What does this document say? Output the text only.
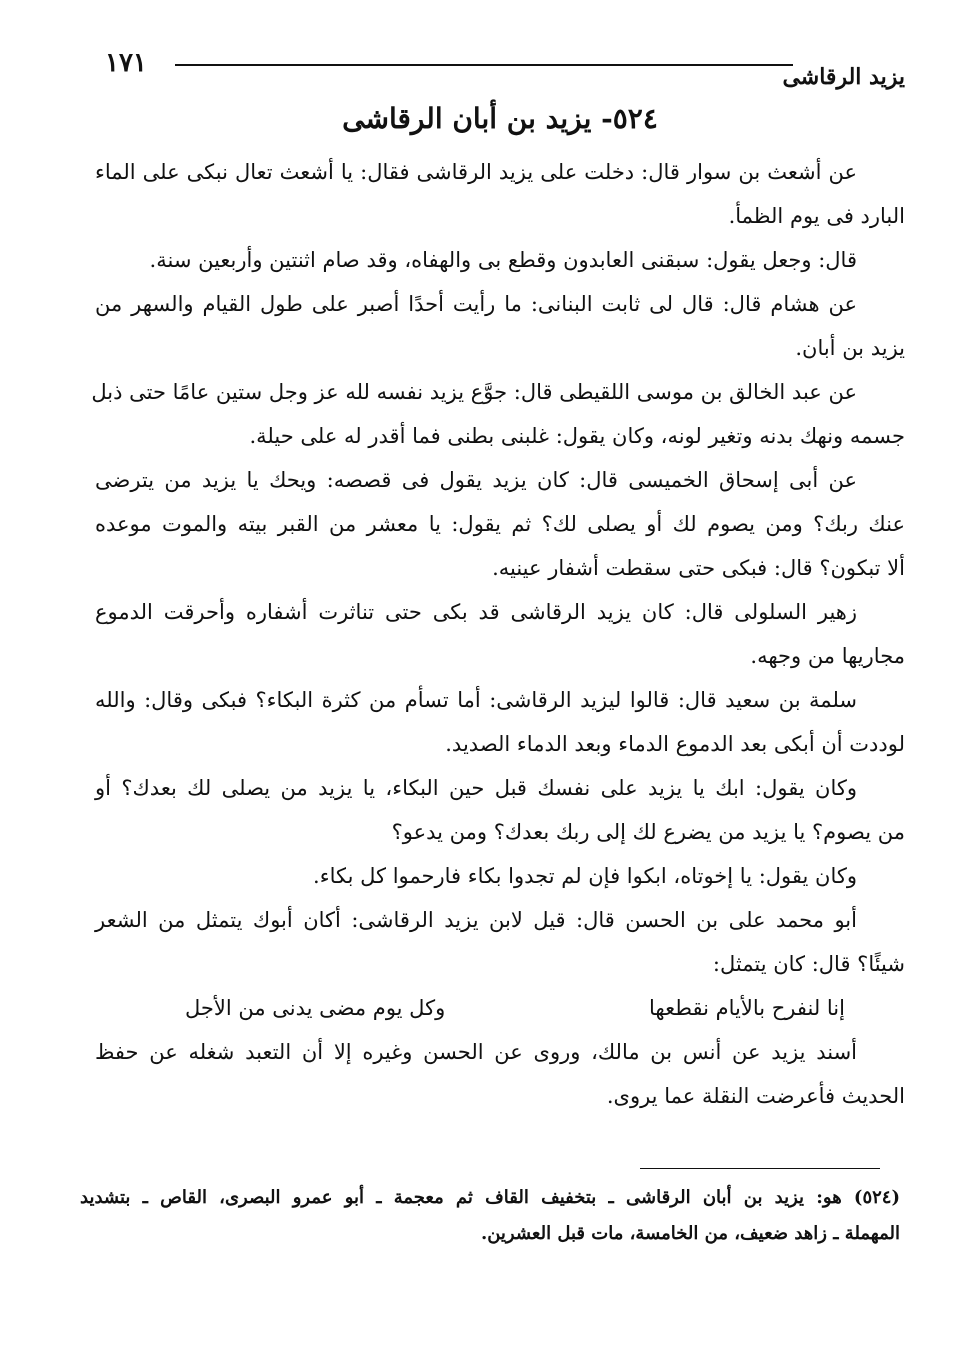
١٧١	يزيد الرقاشى
٥٢٤- يزيد بن أبان الرقاشى
عن أشعث بن سوار قال: دخلت على يزيد الرقاشى فقال: يا أشعث تعال نبكى على الماء
البارد فى يوم الظمأ.
قال: وجعل يقول: سبقنى العابدون وقطع بى والهفاه، وقد صام اثنتين وأربعين سنة.
عن هشام قال: قال لى ثابت البنانى: ما رأيت أحدًا أصبر على طول القيام والسهر من
يزيد بن أبان.
عن عبد الخالق بن موسى اللقيطى قال: جوَّع يزيد نفسه لله عز وجل ستين عامًا حتى ذبل
جسمه ونهك بدنه وتغير لونه، وكان يقول: غلبنى بطنى فما أقدر له على حيلة.
عن أبى إسحاق الخميسى قال: كان يزيد يقول فى قصصه: ويحك يا يزيد من يترضى
عنك ربك؟ ومن يصوم لك أو يصلى لك؟ ثم يقول: يا معشر من القبر بيته والموت موعده
ألا تبكون؟ قال: فبكى حتى سقطت أشفار عينيه.
زهير السلولى قال: كان يزيد الرقاشى قد بكى حتى تناثرت أشفاره وأحرقت الدموع
مجاريها من وجهه.
سلمة بن سعيد قال: قالوا ليزيد الرقاشى: أما تسأم من كثرة البكاء؟ فبكى وقال: والله
لوددت أن أبكى بعد الدموع الدماء وبعد الدماء الصديد.
وكان يقول: ابك يا يزيد على نفسك قبل حين البكاء، يا يزيد من يصلى لك بعدك؟ أو
من يصوم؟ يا يزيد من يضرع لك إلى ربك بعدك؟ ومن يدعو؟
وكان يقول: يا إخوتاه، ابكوا فإن لم تجدوا بكاء فارحموا كل بكاء.
أبو محمد على بن الحسن قال: قيل لابن يزيد الرقاشى: أكان أبوك يتمثل من الشعر
شيئًا؟ قال: كان يتمثل:
إنا لنفرح بالأيام نقطعها
وكل يوم مضى يدنى من الأجل
أسند يزيد عن أنس بن مالك، وروى عن الحسن وغيره إلا أن التعبد شغله عن حفظ
الحديث فأعرضت النقلة عما يروى.
(٥٢٤) هو: يزيد بن أبان الرقاشى ـ بتخفيف القاف ثم معجمة ـ أبو عمرو البصرى، القاص ـ بتشديد
المهملة ـ زاهد ضعيف، من الخامسة، مات قبل العشرين.
